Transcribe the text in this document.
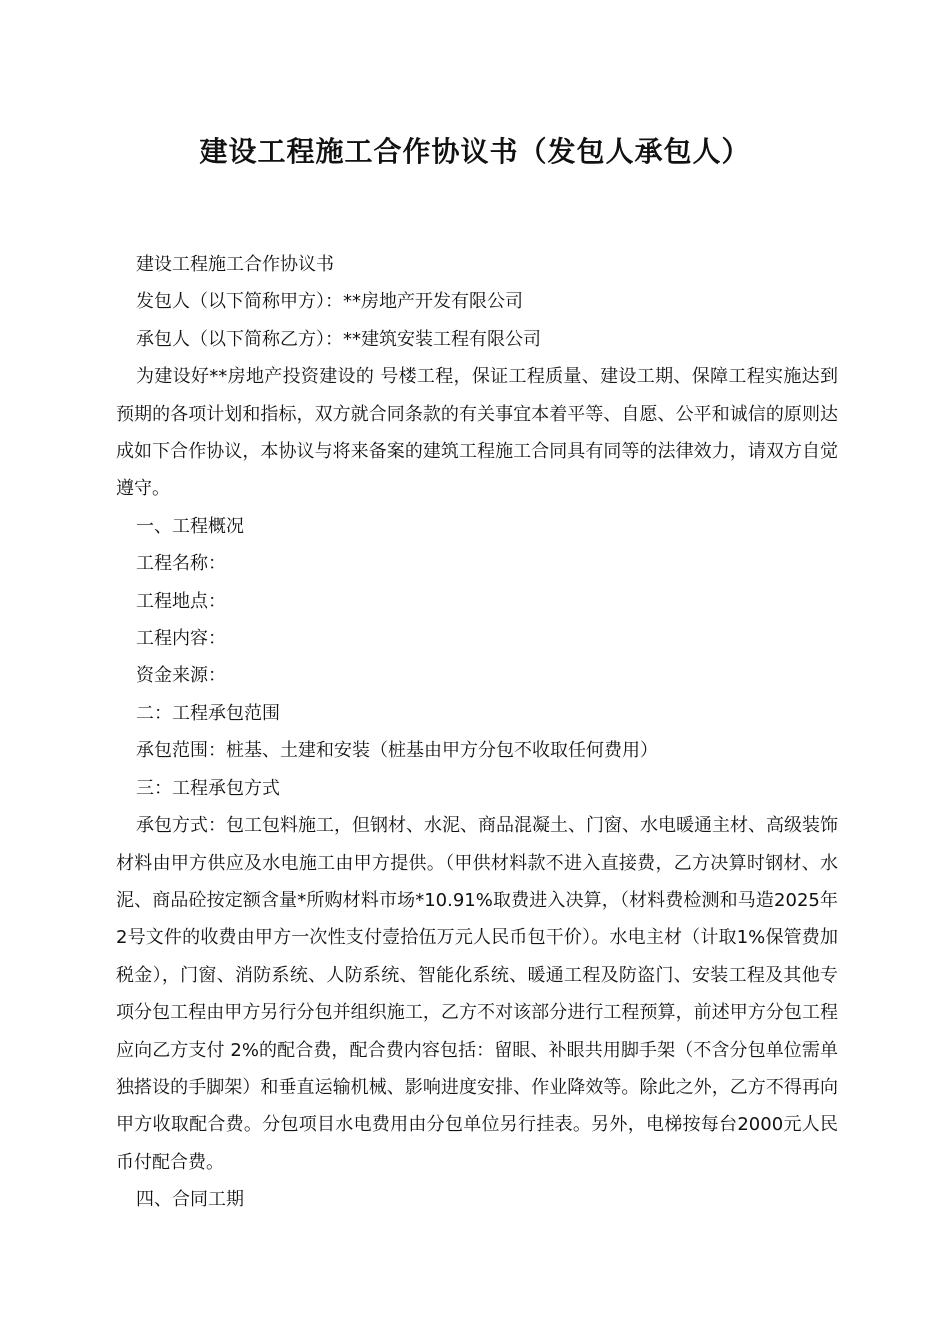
建设工程施工合作协议书（发包人承包人）

建设工程施工合作协议书

发包人（以下简称甲方）：**房地产开发有限公司

承包人（以下简称乙方）：**建筑安装工程有限公司

为建设好**房地产投资建设的 号楼工程，保证工程质量、建设工期、保障工程实施达到预期的各项计划和指标，双方就合同条款的有关事宜本着平等、自愿、公平和诚信的原则达成如下合作协议，本协议与将来备案的建筑工程施工合同具有同等的法律效力，请双方自觉遵守。

一、工程概况

工程名称：

工程地点：

工程内容：

资金来源：

二：工程承包范围

承包范围：桩基、土建和安装（桩基由甲方分包不收取任何费用）

三：工程承包方式

承包方式：包工包料施工，但钢材、水泥、商品混凝土、门窗、水电暖通主材、高级装饰材料由甲方供应及水电施工由甲方提供。（甲供材料款不进入直接费，乙方决算时钢材、水泥、商品砼按定额含量*所购材料市场*10.91%取费进入决算，（材料费检测和马造2025年2号文件的收费由甲方一次性支付壹拾伍万元人民币包干价）。水电主材（计取1%保管费加税金），门窗、消防系统、人防系统、智能化系统、暖通工程及防盗门、安装工程及其他专项分包工程由甲方另行分包并组织施工，乙方不对该部分进行工程预算，前述甲方分包工程应向乙方支付 2%的配合费，配合费内容包括：留眼、补眼共用脚手架（不含分包单位需单独搭设的手脚架）和垂直运输机械、影响进度安排、作业降效等。除此之外，乙方不得再向甲方收取配合费。分包项目水电费用由分包单位另行挂表。另外，电梯按每台2000元人民币付配合费。

四、合同工期
